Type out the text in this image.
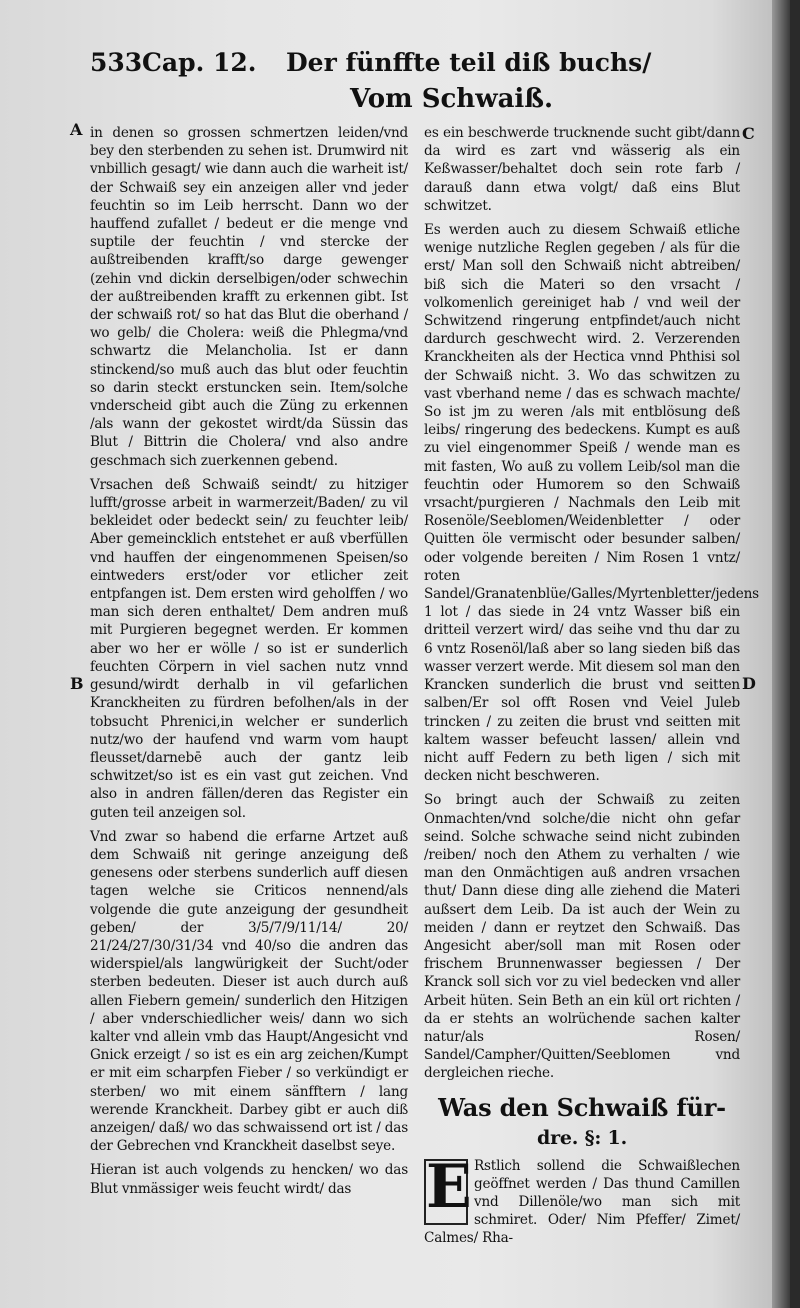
533 Cap. 12. Der fünffte teil diß buchs/
Vom Schwaiß.
A
B
C
D

in denen so grossen schmertzen leiden/vnd bey den sterbenden zu sehen ist. Drumwird nit vnbillich gesagt/ wie dann auch die warheit ist/ der Schwaiß sey ein anzeigen aller vnd jeder feuchtin so im Leib herrscht. Dann wo der hauffend zufallet / bedeut er die menge vnd suptile der feuchtin / vnd stercke der außtreibenden krafft/so darge gewenger (zehin vnd dickin derselbigen/oder schwechin der außtreibenden krafft zu erkennen gibt. Ist der schwaiß rot/ so hat das Blut die oberhand / wo gelb/ die Cholera: weiß die Phlegma/vnd schwartz die Melancholia. Ist er dann stinckend/so muß auch das blut oder feuchtin so darin steckt erstuncken sein. Item/solche vnderscheid gibt auch die Züng zu erkennen /als wann der gekostet wirdt/da Süssin das Blut / Bittrin die Cholera/ vnd also andre geschmach sich zuerkennen gebend.

Vrsachen deß Schwaiß seindt/ zu hitziger lufft/grosse arbeit in warmerzeit/Baden/ zu vil bekleidet oder bedeckt sein/ zu feuchter leib/ Aber gemeincklich entstehet er auß vberfüllen vnd hauffen der eingenommenen Speisen/so eintweders erst/oder vor etlicher zeit entpfangen ist. Dem ersten wird geholffen / wo man sich deren enthaltet/ Dem andren muß mit Purgieren begegnet werden. Er kommen aber wo her er wölle / so ist er sunderlich feuchten Cörpern in viel sachen nutz vnnd gesund/wirdt derhalb in vil gefarlichen Kranckheiten zu fürdren befolhen/als in der tobsucht Phrenici,in welcher er sunderlich nutz/wo der haufend vnd warm vom haupt fleusset/darnebē auch der gantz leib schwitzet/so ist es ein vast gut zeichen. Vnd also in andren fällen/deren das Register ein guten teil anzeigen sol.

Vnd zwar so habend die erfarne Artzet auß dem Schwaiß nit geringe anzeigung deß genesens oder sterbens sunderlich auff diesen tagen welche sie Criticos nennend/als volgende die gute anzeigung der gesundheit geben/ der 3/5/7/9/11/14/ 20/ 21/24/27/30/31/34 vnd 40/so die andren das widerspiel/als langwürigkeit der Sucht/oder sterben bedeuten. Dieser ist auch durch auß allen Fiebern gemein/ sunderlich den Hitzigen / aber vnderschiedlicher weis/ dann wo sich kalter vnd allein vmb das Haupt/Angesicht vnd Gnick erzeigt / so ist es ein arg zeichen/Kumpt er mit eim scharpfen Fieber / so verkündigt er sterben/ wo mit einem sänfftern / lang werende Kranckheit. Darbey gibt er auch diß anzeigen/ daß/ wo das schwaissend ort ist / das der Gebrechen vnd Kranckheit daselbst seye.

Hieran ist auch volgends zu hencken/ wo das Blut vnmässiger weis feucht wirdt/ das

es ein beschwerde trucknende sucht gibt/dann da wird es zart vnd wässerig als ein Keßwasser/behaltet doch sein rote farb / darauß dann etwa volgt/ daß eins Blut schwitzet.

Es werden auch zu diesem Schwaiß etliche wenige nutzliche Reglen gegeben / als für die erst/ Man soll den Schwaiß nicht abtreiben/ biß sich die Materi so den vrsacht / volkomenlich gereiniget hab / vnd weil der Schwitzend ringerung entpfindet/auch nicht dardurch geschwecht wird. 2. Verzerenden Kranckheiten als der Hectica vnnd Phthisi sol der Schwaiß nicht. 3. Wo das schwitzen zu vast vberhand neme / das es schwach machte/ So ist jm zu weren /als mit entblösung deß leibs/ ringerung des bedeckens. Kumpt es auß zu viel eingenommer Speiß / wende man es mit fasten, Wo auß zu vollem Leib/sol man die feuchtin oder Humorem so den Schwaiß vrsacht/purgieren / Nachmals den Leib mit Rosenöle/Seeblomen/Weidenbletter / oder Quitten öle vermischt oder besunder salben/ oder volgende bereiten / Nim Rosen 1 vntz/ roten Sandel/Granatenblüe/Galles/Myrtenbletter/jedens 1 lot / das siede in 24 vntz Wasser biß ein dritteil verzert wird/ das seihe vnd thu dar zu 6 vntz Rosenöl/laß aber so lang sieden biß das wasser verzert werde. Mit diesem sol man den Krancken sunderlich die brust vnd seitten salben/Er sol offt Rosen vnd Veiel Juleb trincken / zu zeiten die brust vnd seitten mit kaltem wasser befeucht lassen/ allein vnd nicht auff Federn zu beth ligen / sich mit decken nicht beschweren.

So bringt auch der Schwaiß zu zeiten Onmachten/vnd solche/die nicht ohn gefar seind. Solche schwache seind nicht zubinden /reiben/ noch den Athem zu verhalten / wie man den Onmächtigen auß andren vrsachen thut/ Dann diese ding alle ziehend die Materi außsert dem Leib. Da ist auch der Wein zu meiden / dann er reytzet den Schwaiß. Das Angesicht aber/soll man mit Rosen oder frischem Brunnenwasser begiessen / Der Kranck soll sich vor zu viel bedecken vnd aller Arbeit hüten. Sein Beth an ein kül ort richten / da er stehts an wolrüchende sachen kalter natur/als Rosen/ Sandel/Campher/Quitten/Seeblomen vnd dergleichen rieche.

Was den Schwaiß für-
dre. §: 1.

E Rstlich sollend die Schwaißlechen geöffnet werden / Das thund Camillen vnd Dillenöle/wo man sich mit schmiret. Oder/ Nim Pfeffer/ Zimet/ Calmes/ Rha-
